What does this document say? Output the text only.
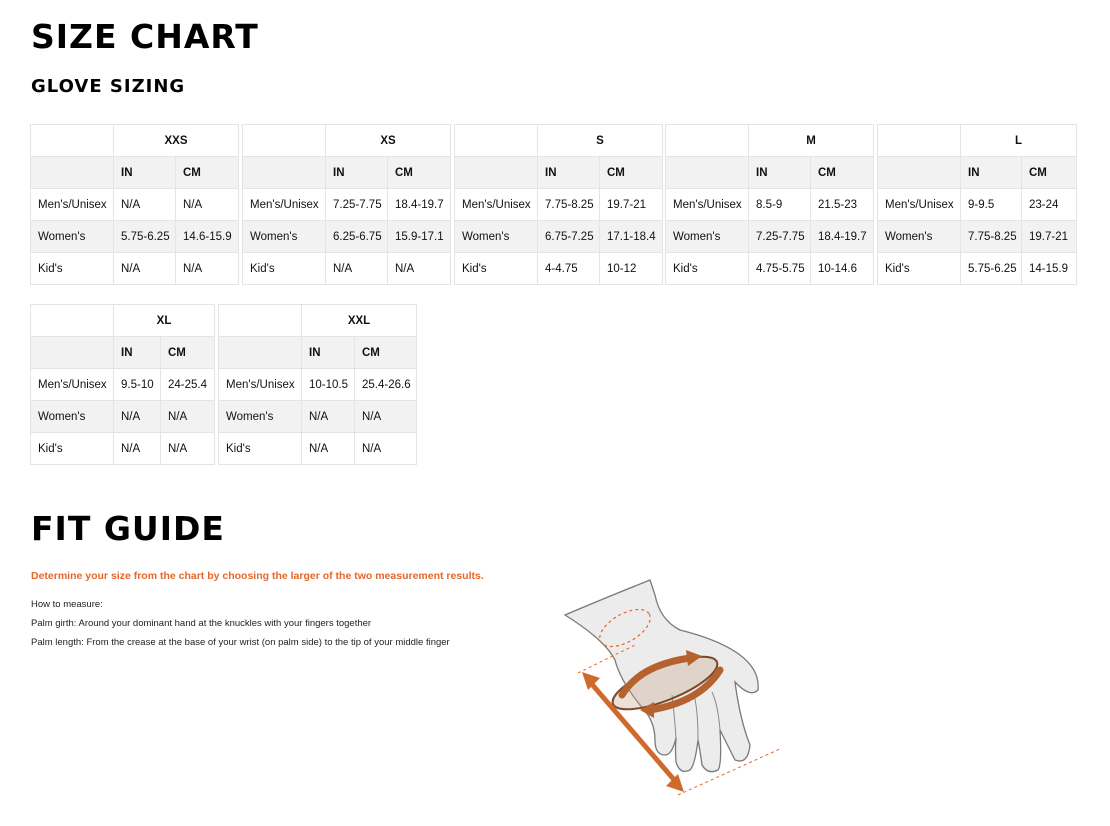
SIZE CHART
GLOVE SIZING
	XXS	
	IN	CM
Men's/Unisex	N/A	N/A
Women's	5.75-6.25	14.6-15.9
Kid's	N/A	N/A
	XS	
	IN	CM
Men's/Unisex	7.25-7.75	18.4-19.7
Women's	6.25-6.75	15.9-17.1
Kid's	N/A	N/A
	S	
	IN	CM
Men's/Unisex	7.75-8.25	19.7-21
Women's	6.75-7.25	17.1-18.4
Kid's	4-4.75	10-12
	M	
	IN	CM
Men's/Unisex	8.5-9	21.5-23
Women's	7.25-7.75	18.4-19.7
Kid's	4.75-5.75	10-14.6
	L	
	IN	CM
Men's/Unisex	9-9.5	23-24
Women's	7.75-8.25	19.7-21
Kid's	5.75-6.25	14-15.9
	XL	
	IN	CM
Men's/Unisex	9.5-10	24-25.4
Women's	N/A	N/A
Kid's	N/A	N/A
	XXL	
	IN	CM
Men's/Unisex	10-10.5	25.4-26.6
Women's	N/A	N/A
Kid's	N/A	N/A
FIT GUIDE

Determine your size from the chart by choosing the larger of the two measurement results.

How to measure:

Palm girth: Around your dominant hand at the knuckles with your fingers together

Palm length: From the crease at the base of your wrist (on palm side) to the tip of your middle finger
